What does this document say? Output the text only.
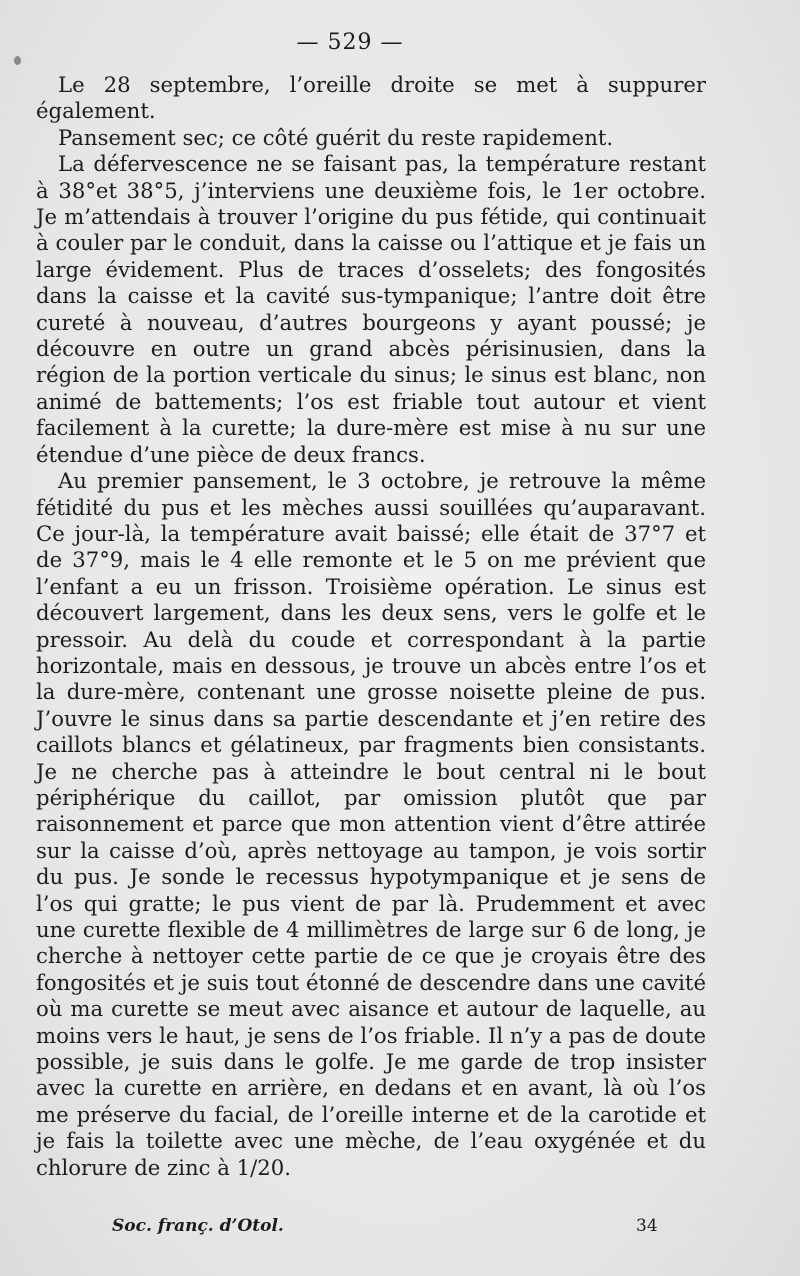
— 529 —

Le 28 septembre, l’oreille droite se met à suppurer également.

Pansement sec; ce côté guérit du reste rapidement.

La défervescence ne se faisant pas, la température restant à 38°et 38°5, j’interviens une deuxième fois, le 1er octobre. Je m’attendais à trouver l’origine du pus fétide, qui continuait à couler par le conduit, dans la caisse ou l’attique et je fais un large évidement. Plus de traces d’osselets; des fongosités dans la caisse et la cavité sus-tympanique; l’antre doit être cureté à nouveau, d’autres bourgeons y ayant poussé; je découvre en outre un grand abcès périsinusien, dans la région de la portion verticale du sinus; le sinus est blanc, non animé de battements; l’os est friable tout autour et vient facilement à la curette; la dure-mère est mise à nu sur une étendue d’une pièce de deux francs.

Au premier pansement, le 3 octobre, je retrouve la même fétidité du pus et les mèches aussi souillées qu’auparavant. Ce jour-là, la température avait baissé; elle était de 37°7 et de 37°9, mais le 4 elle remonte et le 5 on me prévient que l’enfant a eu un frisson. Troisième opération. Le sinus est découvert largement, dans les deux sens, vers le golfe et le pressoir. Au delà du coude et correspondant à la partie horizontale, mais en dessous, je trouve un abcès entre l’os et la dure-mère, contenant une grosse noisette pleine de pus. J’ouvre le sinus dans sa partie descendante et j’en retire des caillots blancs et gélatineux, par fragments bien consistants. Je ne cherche pas à atteindre le bout central ni le bout périphérique du caillot, par omission plutôt que par raisonnement et parce que mon attention vient d’être attirée sur la caisse d’où, après nettoyage au tampon, je vois sortir du pus. Je sonde le recessus hypotympanique et je sens de l’os qui gratte; le pus vient de par là. Prudemment et avec une curette flexible de 4 millimètres de large sur 6 de long, je cherche à nettoyer cette partie de ce que je croyais être des fongosités et je suis tout étonné de descendre dans une cavité où ma curette se meut avec aisance et autour de laquelle, au moins vers le haut, je sens de l’os friable. Il n’y a pas de doute possible, je suis dans le golfe. Je me garde de trop insister avec la curette en arrière, en dedans et en avant, là où l’os me préserve du facial, de l’oreille interne et de la carotide et je fais la toilette avec une mèche, de l’eau oxygénée et du chlorure de zinc à 1/20.

Soc. franç. d’Otol.	34
